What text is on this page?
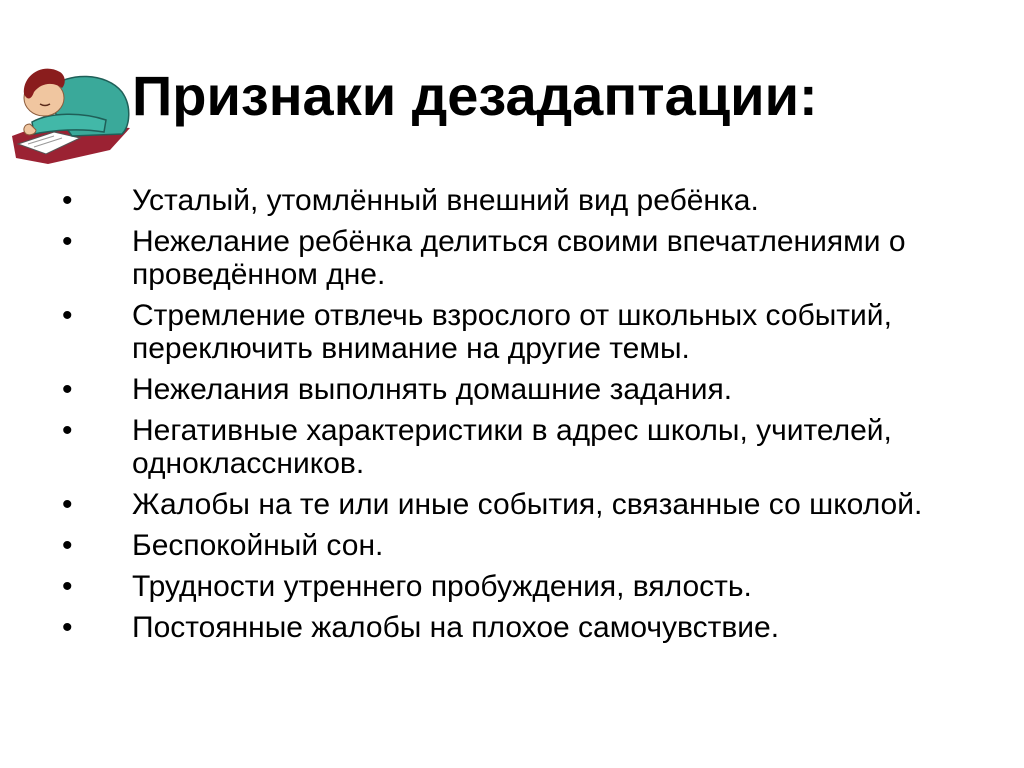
Признаки дезадаптации:
• Усталый, утомлённый внешний вид ребёнка.
• Нежелание ребёнка делиться своими впечатлениями о проведённом дне.
• Стремление отвлечь взрослого от школьных событий, переключить внимание на другие темы.
• Нежелания выполнять домашние задания.
• Негативные характеристики в адрес школы, учителей, одноклассников.
• Жалобы на те или иные события, связанные со школой.
• Беспокойный сон.
• Трудности утреннего пробуждения, вялость.
• Постоянные жалобы на плохое самочувствие.
